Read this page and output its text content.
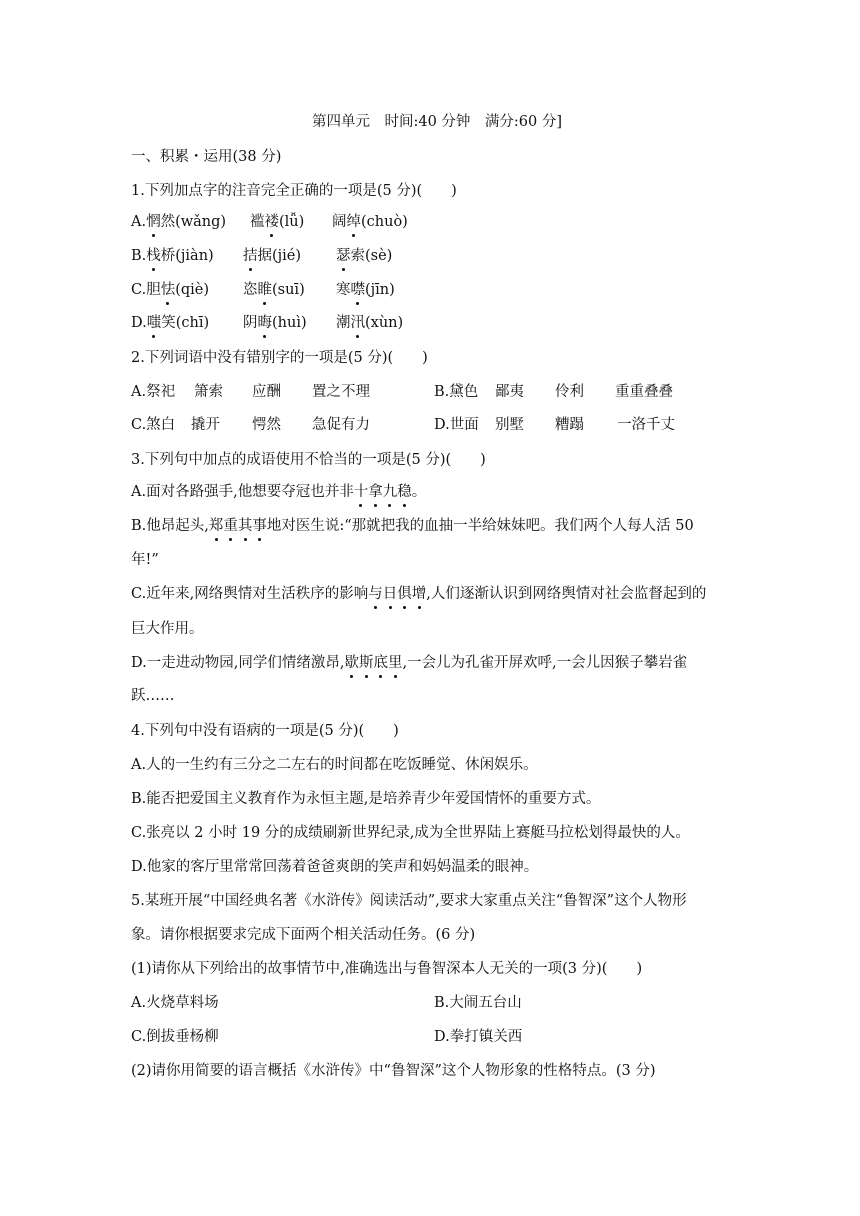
第四单元　时间:40 分钟　满分:60 分]
一、积累・运用(38 分)
1.下列加点字的注音完全正确的一项是(5 分)(　　)
A.惘然(wǎng) 褴褛(lǚ) 阔绰(chuò)
B.栈桥(jiàn) 拮据(jié) 瑟索(sè)
C.胆怯(qiè) 恣睢(suī) 寒噤(jīn)
D.嗤笑(chī) 阴晦(huì) 潮汛(xùn)
2.下列词语中没有错别字的一项是(5 分)(　　)
A.祭祀 箫索 应酬 置之不理	B.黛色 鄙夷 伶利 重重叠叠
C.煞白 撬开 愕然 急促有力	D.世面 别墅 糟蹋 一洛千丈
3.下列句中加点的成语使用不恰当的一项是(5 分)(　　)
A.面对各路强手,他想要夺冠也并非十拿九稳。
B.他昂起头,郑重其事地对医生说:“那就把我的血抽一半给妹妹吧。我们两个人每人活 50
年!”
C.近年来,网络舆情对生活秩序的影响与日俱增,人们逐渐认识到网络舆情对社会监督起到的
巨大作用。
D.一走进动物园,同学们情绪激昂,歇斯底里,一会儿为孔雀开屏欢呼,一会儿因猴子攀岩雀
跃……
4.下列句中没有语病的一项是(5 分)(　　)
A.人的一生约有三分之二左右的时间都在吃饭睡觉、休闲娱乐。
B.能否把爱国主义教育作为永恒主题,是培养青少年爱国情怀的重要方式。
C.张亮以 2 小时 19 分的成绩刷新世界纪录,成为全世界陆上赛艇马拉松划得最快的人。
D.他家的客厅里常常回荡着爸爸爽朗的笑声和妈妈温柔的眼神。
5.某班开展“中国经典名著《水浒传》阅读活动”,要求大家重点关注“鲁智深”这个人物形
象。请你根据要求完成下面两个相关活动任务。(6 分)
(1)请你从下列给出的故事情节中,准确选出与鲁智深本人无关的一项(3 分)(　　)
A.火烧草料场	B.大闹五台山
C.倒拔垂杨柳	D.拳打镇关西
(2)请你用简要的语言概括《水浒传》中“鲁智深”这个人物形象的性格特点。(3 分)
